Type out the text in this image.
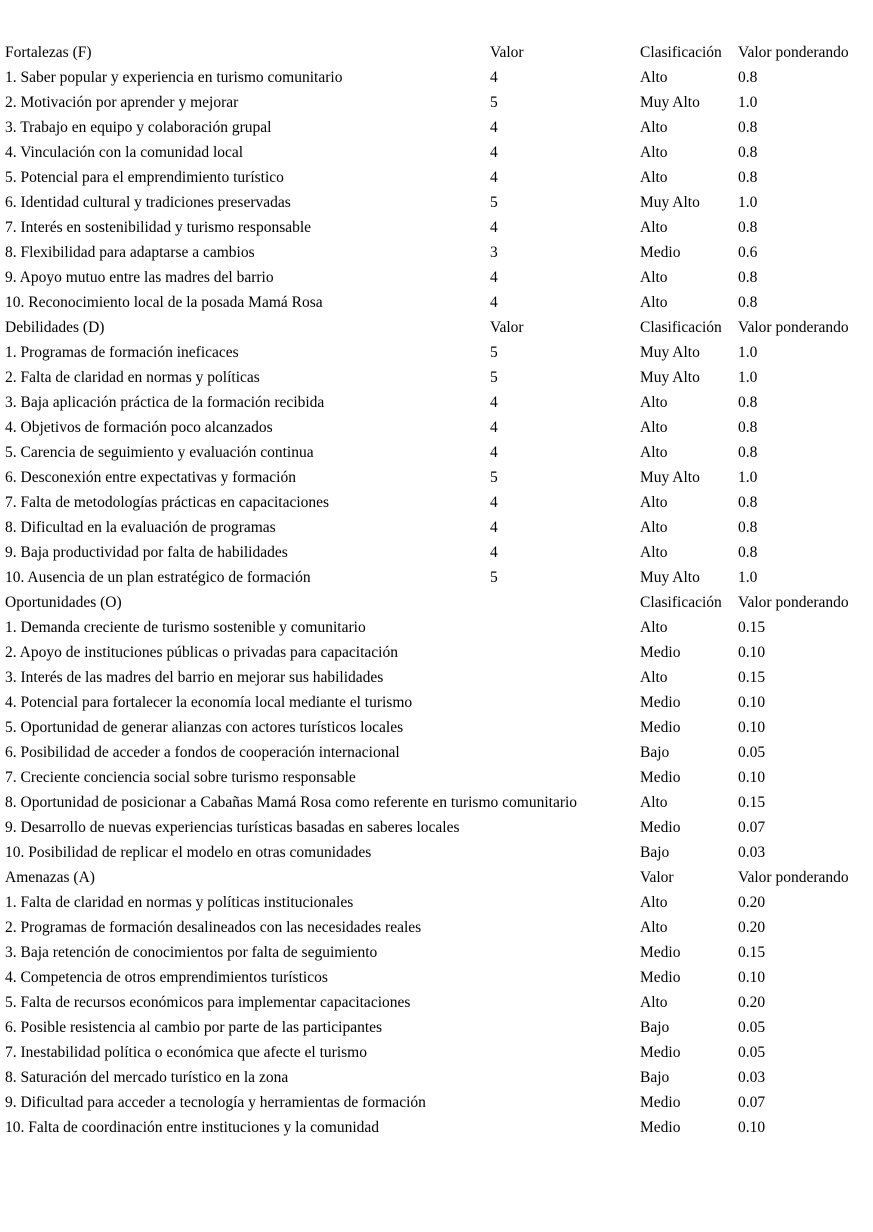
Fortalezas (F)	Valor	Clasificación	Valor ponderando
1. Saber popular y experiencia en turismo comunitario	4	Alto	0.8
2. Motivación por aprender y mejorar	5	Muy Alto	1.0
3. Trabajo en equipo y colaboración grupal	4	Alto	0.8
4. Vinculación con la comunidad local	4	Alto	0.8
5. Potencial para el emprendimiento turístico	4	Alto	0.8
6. Identidad cultural y tradiciones preservadas	5	Muy Alto	1.0
7. Interés en sostenibilidad y turismo responsable	4	Alto	0.8
8. Flexibilidad para adaptarse a cambios	3	Medio	0.6
9. Apoyo mutuo entre las madres del barrio	4	Alto	0.8
10. Reconocimiento local de la posada Mamá Rosa	4	Alto	0.8
Debilidades (D)	Valor	Clasificación	Valor ponderando
1. Programas de formación ineficaces	5	Muy Alto	1.0
2. Falta de claridad en normas y políticas	5	Muy Alto	1.0
3. Baja aplicación práctica de la formación recibida	4	Alto	0.8
4. Objetivos de formación poco alcanzados	4	Alto	0.8
5. Carencia de seguimiento y evaluación continua	4	Alto	0.8
6. Desconexión entre expectativas y formación	5	Muy Alto	1.0
7. Falta de metodologías prácticas en capacitaciones	4	Alto	0.8
8. Dificultad en la evaluación de programas	4	Alto	0.8
9. Baja productividad por falta de habilidades	4	Alto	0.8
10. Ausencia de un plan estratégico de formación	5	Muy Alto	1.0
Oportunidades (O)	Clasificación	Valor ponderando
1. Demanda creciente de turismo sostenible y comunitario	Alto	0.15
2. Apoyo de instituciones públicas o privadas para capacitación	Medio	0.10
3. Interés de las madres del barrio en mejorar sus habilidades	Alto	0.15
4. Potencial para fortalecer la economía local mediante el turismo	Medio	0.10
5. Oportunidad de generar alianzas con actores turísticos locales	Medio	0.10
6. Posibilidad de acceder a fondos de cooperación internacional	Bajo	0.05
7. Creciente conciencia social sobre turismo responsable	Medio	0.10
8. Oportunidad de posicionar a Cabañas Mamá Rosa como referente en turismo comunitario	Alto	0.15
9. Desarrollo de nuevas experiencias turísticas basadas en saberes locales	Medio	0.07
10. Posibilidad de replicar el modelo en otras comunidades	Bajo	0.03
Amenazas (A)	Valor	Valor ponderando
1. Falta de claridad en normas y políticas institucionales	Alto	0.20
2. Programas de formación desalineados con las necesidades reales	Alto	0.20
3. Baja retención de conocimientos por falta de seguimiento	Medio	0.15
4. Competencia de otros emprendimientos turísticos	Medio	0.10
5. Falta de recursos económicos para implementar capacitaciones	Alto	0.20
6. Posible resistencia al cambio por parte de las participantes	Bajo	0.05
7. Inestabilidad política o económica que afecte el turismo	Medio	0.05
8. Saturación del mercado turístico en la zona	Bajo	0.03
9. Dificultad para acceder a tecnología y herramientas de formación	Medio	0.07
10. Falta de coordinación entre instituciones y la comunidad	Medio	0.10
